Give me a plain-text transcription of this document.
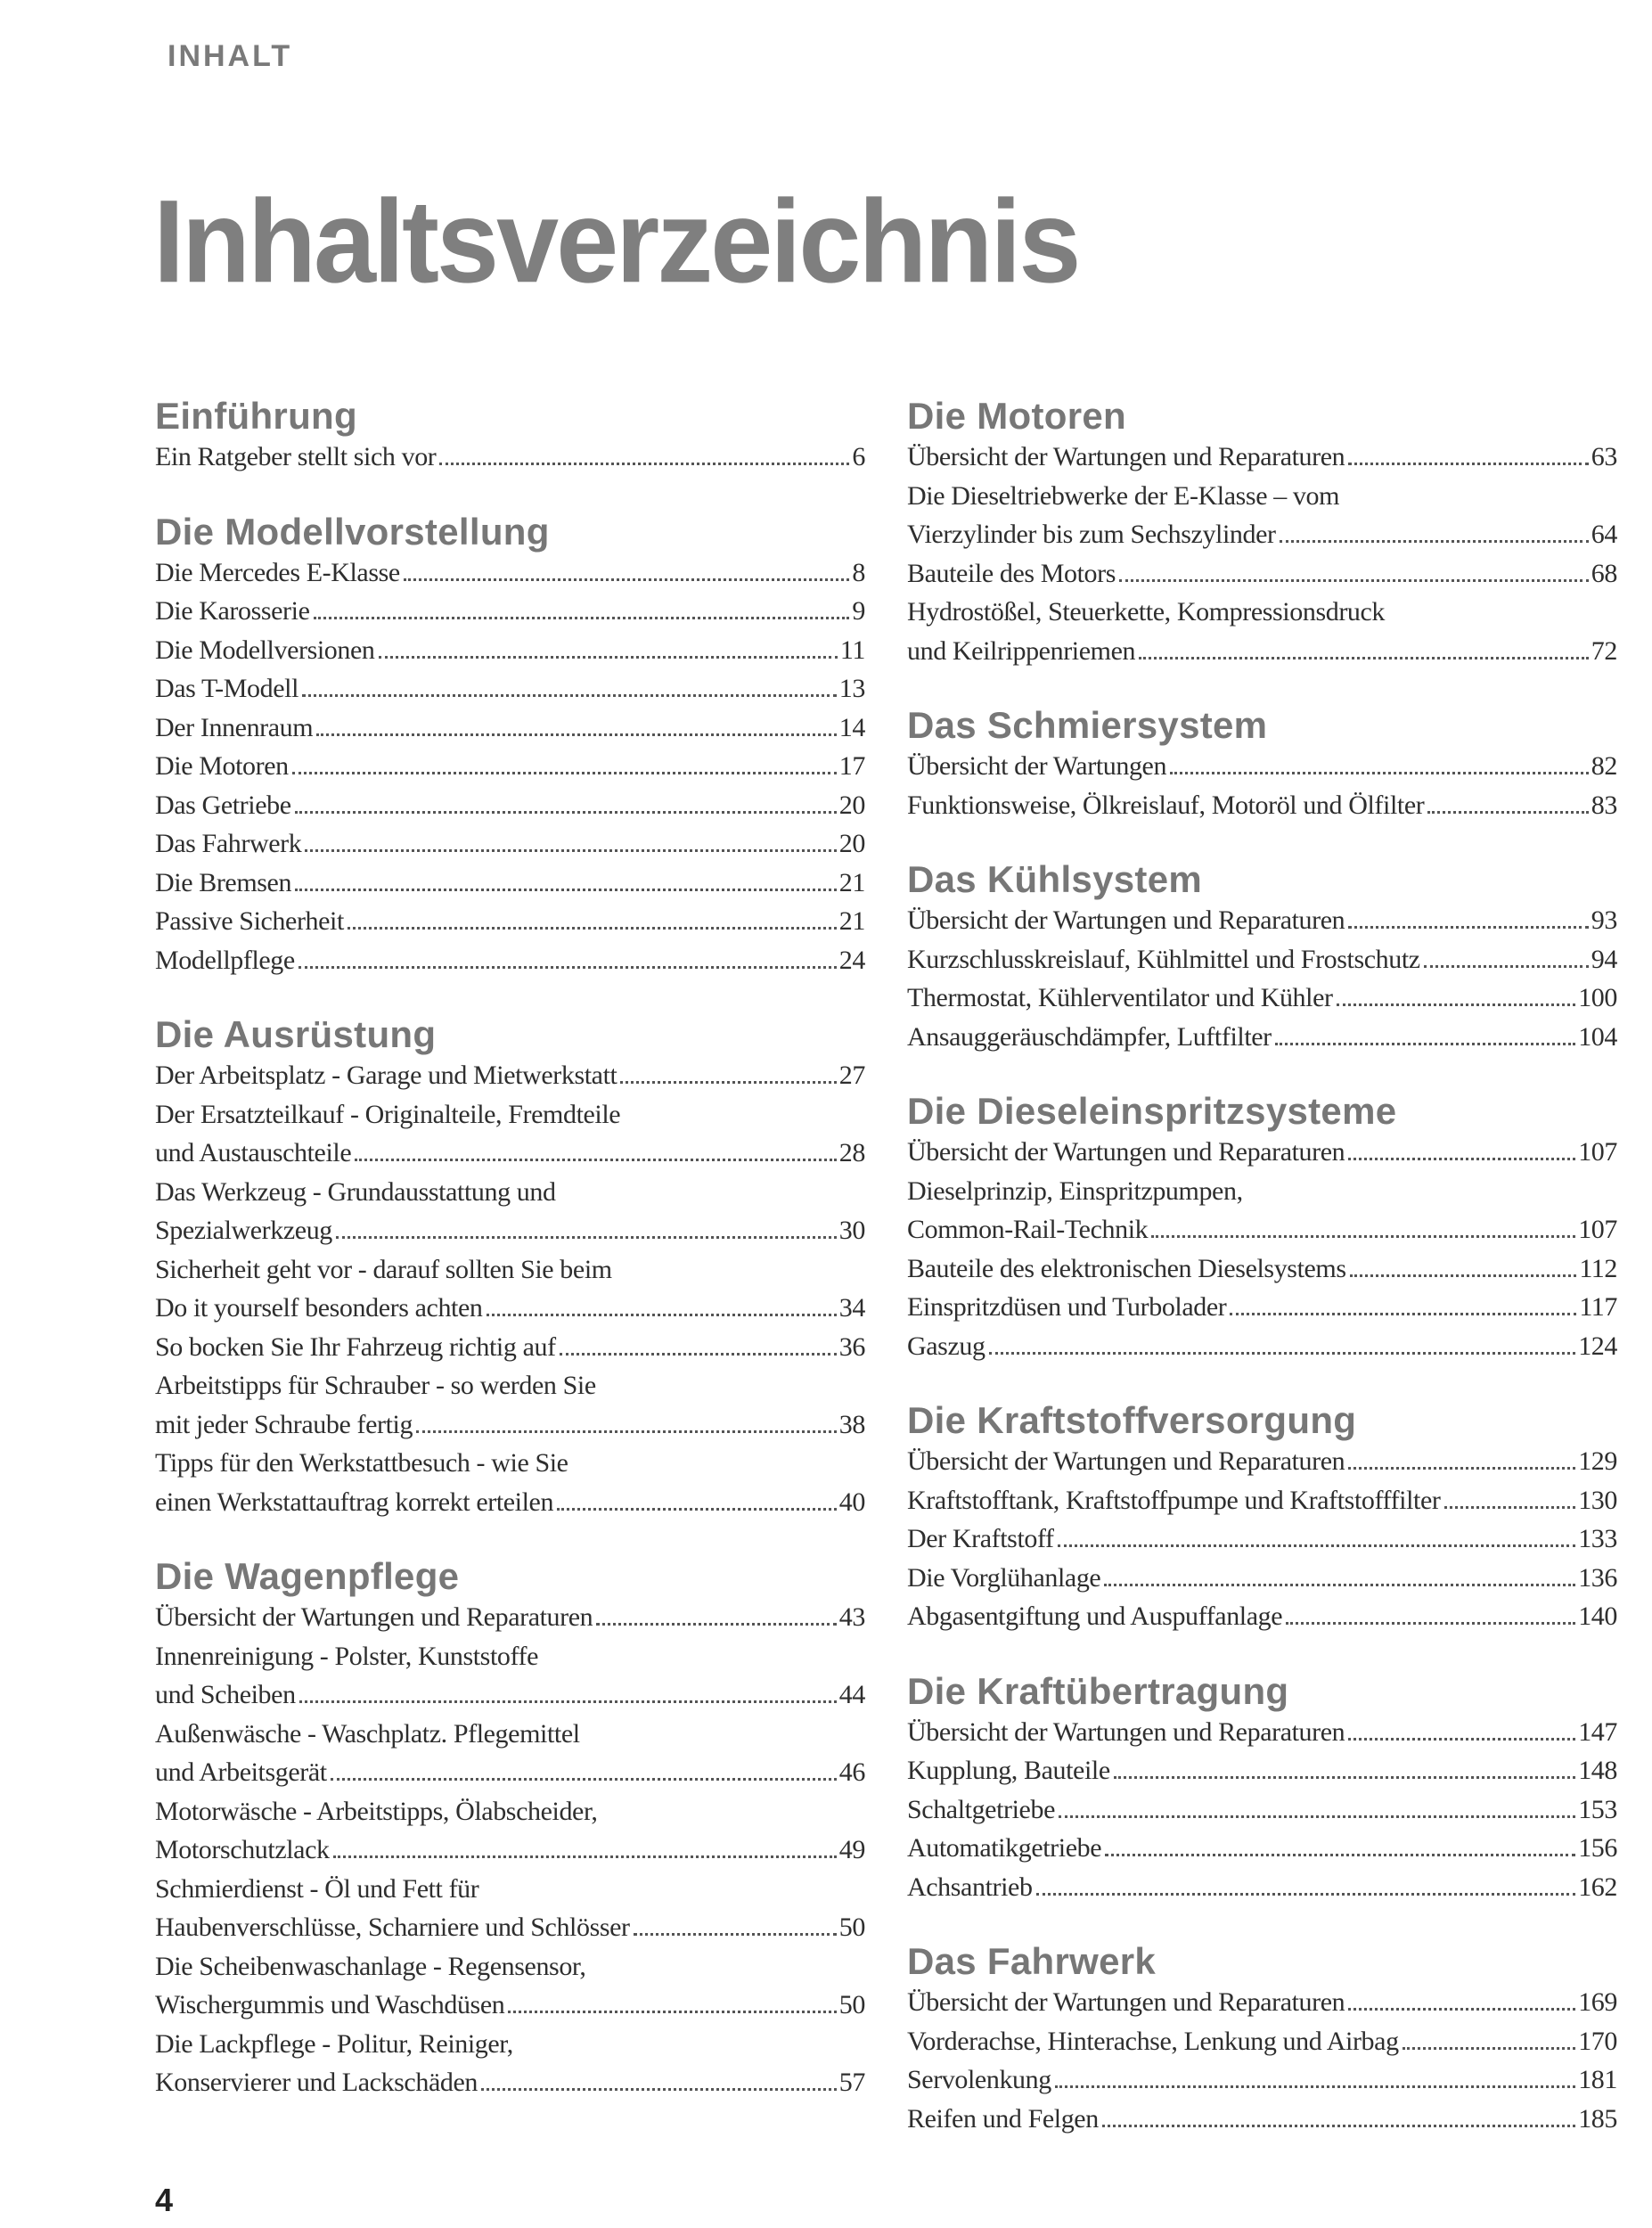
INHALT
Inhaltsverzeichnis
Einführung
Ein Ratgeber stellt sich vor	6
Die Modellvorstellung
Die Mercedes E-Klasse	8
Die Karosserie	9
Die Modellversionen	11
Das T-Modell	13
Der Innenraum	14
Die Motoren	17
Das Getriebe	20
Das Fahrwerk	20
Die Bremsen	21
Passive Sicherheit	21
Modellpflege	24
Die Ausrüstung
Der Arbeitsplatz - Garage und Mietwerkstatt	27
Der Ersatzteilkauf - Originalteile, Fremdteile
und Austauschteile	28
Das Werkzeug - Grundausstattung und
Spezialwerkzeug	30
Sicherheit geht vor - darauf sollten Sie beim
Do it yourself besonders achten	34
So bocken Sie Ihr Fahrzeug richtig auf	36
Arbeitstipps für Schrauber - so werden Sie
mit jeder Schraube fertig	38
Tipps für den Werkstattbesuch - wie Sie
einen Werkstattauftrag korrekt erteilen	40
Die Wagenpflege
Übersicht der Wartungen und Reparaturen	43
Innenreinigung - Polster, Kunststoffe
und Scheiben	44
Außenwäsche - Waschplatz. Pflegemittel
und Arbeitsgerät	46
Motorwäsche - Arbeitstipps, Ölabscheider,
Motorschutzlack	49
Schmierdienst - Öl und Fett für
Haubenverschlüsse, Scharniere und Schlösser	50
Die Scheibenwaschanlage - Regensensor,
Wischergummis und Waschdüsen	50
Die Lackpflege - Politur, Reiniger,
Konservierer und Lackschäden	57
Die Motoren
Übersicht der Wartungen und Reparaturen	63
Die Dieseltriebwerke der E-Klasse – vom
Vierzylinder bis zum Sechszylinder	64
Bauteile des Motors	68
Hydrostößel, Steuerkette, Kompressionsdruck
und Keilrippenriemen	72
Das Schmiersystem
Übersicht der Wartungen	82
Funktionsweise, Ölkreislauf, Motoröl und Ölfilter	83
Das Kühlsystem
Übersicht der Wartungen und Reparaturen	93
Kurzschlusskreislauf, Kühlmittel und Frostschutz	94
Thermostat, Kühlerventilator und Kühler	100
Ansauggeräuschdämpfer, Luftfilter	104
Die Dieseleinspritzsysteme
Übersicht der Wartungen und Reparaturen	107
Dieselprinzip, Einspritzpumpen,
Common-Rail-Technik	107
Bauteile des elektronischen Dieselsystems	112
Einspritzdüsen und Turbolader	117
Gaszug	124
Die Kraftstoffversorgung
Übersicht der Wartungen und Reparaturen	129
Kraftstofftank, Kraftstoffpumpe und Kraftstofffilter	130
Der Kraftstoff	133
Die Vorglühanlage	136
Abgasentgiftung und Auspuffanlage	140
Die Kraftübertragung
Übersicht der Wartungen und Reparaturen	147
Kupplung, Bauteile	148
Schaltgetriebe	153
Automatikgetriebe	156
Achsantrieb	162
Das Fahrwerk
Übersicht der Wartungen und Reparaturen	169
Vorderachse, Hinterachse, Lenkung und Airbag	170
Servolenkung	181
Reifen und Felgen	185
4
